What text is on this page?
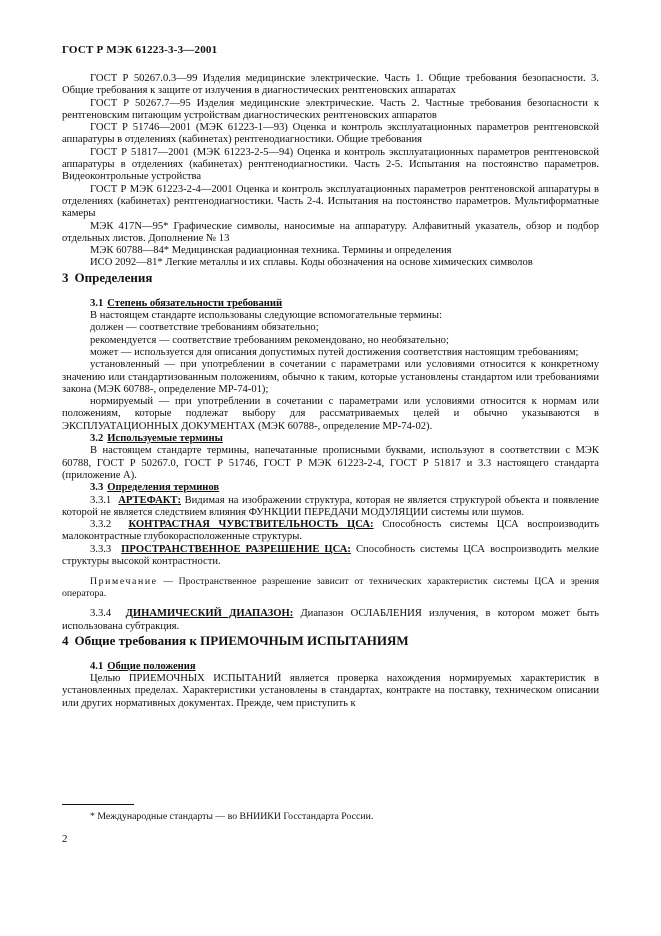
ГОСТ Р МЭК 61223-3-3—2001

ГОСТ Р 50267.0.3—99 Изделия медицинские электрические. Часть 1. Общие требования безопасности. 3. Общие требования к защите от излучения в диагностических рентгеновских аппаратах

ГОСТ Р 50267.7—95 Изделия медицинские электрические. Часть 2. Частные требования безопасности к рентгеновским питающим устройствам диагностических рентгеновских аппаратов

ГОСТ Р 51746—2001 (МЭК 61223-1—93) Оценка и контроль эксплуатационных параметров рентгеновской аппаратуры в отделениях (кабинетах) рентгенодиагностики. Общие требования

ГОСТ Р 51817—2001 (МЭК 61223-2-5—94) Оценка и контроль эксплуатационных параметров рентгеновской аппаратуры в отделениях (кабинетах) рентгенодиагностики. Часть 2-5. Испытания на постоянство параметров. Видеоконтрольные устройства

ГОСТ Р МЭК 61223-2-4—2001 Оценка и контроль эксплуатационных параметров рентгеновской аппаратуры в отделениях (кабинетах) рентгенодиагностики. Часть 2-4. Испытания на постоянство параметров. Мультиформатные камеры

МЭК 417N—95* Графические символы, наносимые на аппаратуру. Алфавитный указатель, обзор и подбор отдельных листов. Дополнение № 13

МЭК 60788—84* Медицинская радиационная техника. Термины и определения

ИСО 2092—81* Легкие металлы и их сплавы. Коды обозначения на основе химических символов

3 Определения
3.1 Степень обязательности требований

В настоящем стандарте использованы следующие вспомогательные термины:

должен — соответствие требованиям обязательно;

рекомендуется — соответствие требованиям рекомендовано, но необязательно;

может — используется для описания допустимых путей достижения соответствия настоящим требованиям;

установленный — при употреблении в сочетании с параметрами или условиями относится к конкретному значению или стандартизованным положениям, обычно к таким, которые установлены стандартом или требованиями закона (МЭК 60788-, определение МР-74-01);

нормируемый — при употреблении в сочетании с параметрами или условиями относится к нормам или положениям, которые подлежат выбору для рассматриваемых целей и обычно указываются в ЭКСПЛУАТАЦИОННЫХ ДОКУМЕНТАХ (МЭК 60788-, определение МР-74-02).

3.2 Используемые термины

В настоящем стандарте термины, напечатанные прописными буквами, используют в соответствии с МЭК 60788, ГОСТ Р 50267.0, ГОСТ Р 51746, ГОСТ Р МЭК 61223-2-4, ГОСТ Р 51817 и 3.3 настоящего стандарта (приложение А).

3.3 Определения терминов

3.3.1 АРТЕФАКТ: Видимая на изображении структура, которая не является структурой объекта и появление которой не является следствием влияния ФУНКЦИИ ПЕРЕДАЧИ МОДУЛЯЦИИ системы или шумов.

3.3.2 КОНТРАСТНАЯ ЧУВСТВИТЕЛЬНОСТЬ ЦСА: Способность системы ЦСА воспроизводить малоконтрастные глубокорасположенные структуры.

3.3.3 ПРОСТРАНСТВЕННОЕ РАЗРЕШЕНИЕ ЦСА: Способность системы ЦСА воспроизводить мелкие структуры высокой контрастности.

Примечание — Пространственное разрешение зависит от технических характеристик системы ЦСА и зрения оператора.

3.3.4 ДИНАМИЧЕСКИЙ ДИАПАЗОН: Диапазон ОСЛАБЛЕНИЯ излучения, в котором может быть использована субтракция.

4 Общие требования к ПРИЕМОЧНЫМ ИСПЫТАНИЯМ
4.1 Общие положения

Целью ПРИЕМОЧНЫХ ИСПЫТАНИЙ является проверка нахождения нормируемых характеристик в установленных пределах. Характеристики установлены в стандартах, контракте на поставку, техническом описании или других нормативных документах. Прежде, чем приступить к

* Международные стандарты — во ВНИИКИ Госстандарта России.
2
